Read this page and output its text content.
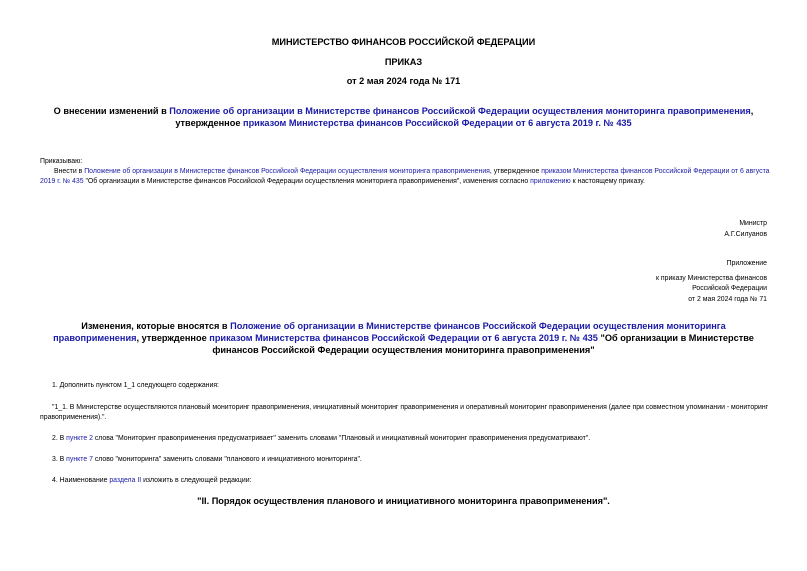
МИНИСТЕРСТВО ФИНАНСОВ РОССИЙСКОЙ ФЕДЕРАЦИИ
ПРИКАЗ
от 2 мая 2024 года № 171
О внесении изменений в Положение об организации в Министерстве финансов Российской Федерации осуществления мониторинга правоприменения, утвержденное приказом Министерства финансов Российской Федерации от 6 августа 2019 г. № 435

Приказываю:

Внести в Положение об организации в Министерстве финансов Российской Федерации осуществления мониторинга правоприменения, утвержденное приказом Министерства финансов Российской Федерации от 6 августа 2019 г. № 435 "Об организации в Министерстве финансов Российской Федерации осуществления мониторинга правоприменения", изменения согласно приложению к настоящему приказу.

Министр
А.Г.Силуанов
Приложение
к приказу Министерства финансов
Российской Федерации
от 2 мая 2024 года № 71
Изменения, которые вносятся в Положение об организации в Министерстве финансов Российской Федерации осуществления мониторинга правоприменения, утвержденное приказом Министерства финансов Российской Федерации от 6 августа 2019 г. № 435 "Об организации в Министерстве финансов Российской Федерации осуществления мониторинга правоприменения"
1. Дополнить пунктом 1_1 следующего содержания:
"1_1. В Министерстве осуществляются плановый мониторинг правоприменения, инициативный мониторинг правоприменения и оперативный мониторинг правоприменения (далее при совместном упоминании - мониторинг правоприменения).".
2. В пункте 2 слова "Мониторинг правоприменения предусматривает" заменить словами "Плановый и инициативный мониторинг правоприменения предусматривают".
3. В пункте 7 слово "мониторинга" заменить словами "планового и инициативного мониторинга".
4. Наименование раздела II изложить в следующей редакции:
"II. Порядок осуществления планового и инициативного мониторинга правоприменения".
